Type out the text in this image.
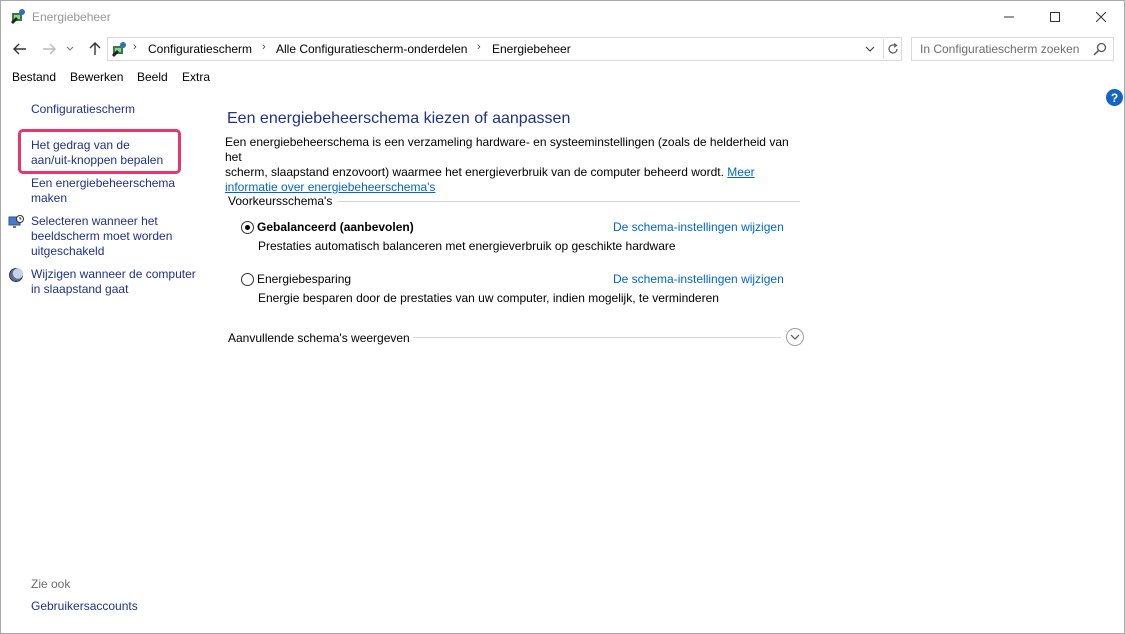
Energiebeheer
› Configuratiescherm › Alle Configuratiescherm-onderdelen › Energiebeheer	In Configuratiescherm zoeken
Bestand Bewerken Beeld Extra
Configuratiescherm
Het gedrag van de
aan/uit-knoppen bepalen
Een energiebeheerschema
maken
Selecteren wanneer het
beeldscherm moet worden
uitgeschakeld
Wijzigen wanneer de computer
in slaapstand gaat
Zie ook
Gebruikersaccounts
?
Een energiebeheerschema kiezen of aanpassen
Een energiebeheerschema is een verzameling hardware- en systeeminstellingen (zoals de helderheid van het
scherm, slaapstand enzovoort) waarmee het energieverbruik van de computer beheerd wordt. Meer
informatie over energiebeheerschema's
Voorkeursschema's
Gebalanceerd (aanbevolen)	De schema-instellingen wijzigen
Prestaties automatisch balanceren met energieverbruik op geschikte hardware
Energiebesparing	De schema-instellingen wijzigen
Energie besparen door de prestaties van uw computer, indien mogelijk, te verminderen
Aanvullende schema's weergeven
